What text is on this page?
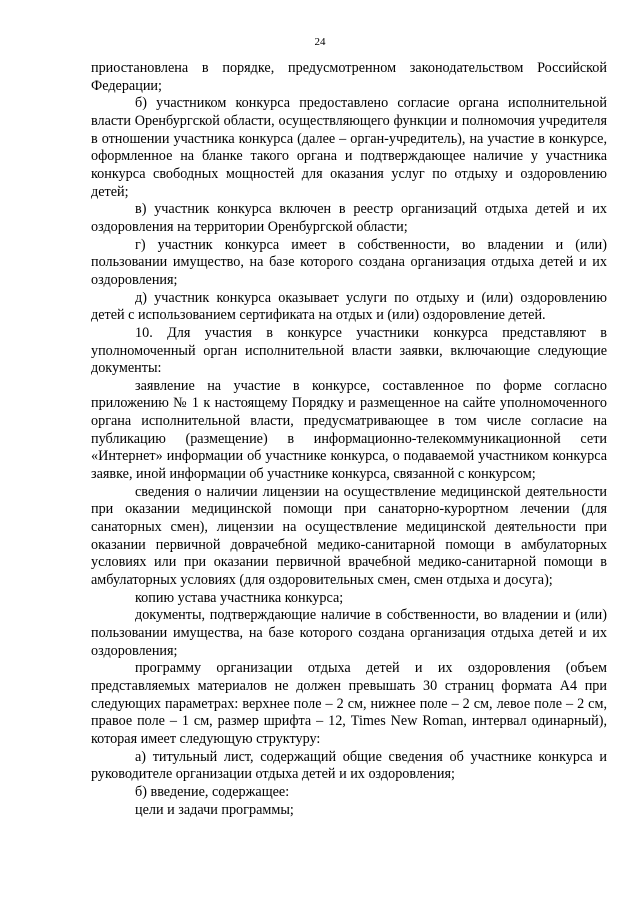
24

приостановлена в порядке, предусмотренном законодательством Российской Федерации;

б) участником конкурса предоставлено согласие органа исполнительной власти Оренбургской области, осуществляющего функции и полномочия учредителя в отношении участника конкурса (далее – орган-учредитель), на участие в конкурсе, оформленное на бланке такого органа и подтверждающее наличие у участника конкурса свободных мощностей для оказания услуг по отдыху и оздоровлению детей;

в) участник конкурса включен в реестр организаций отдыха детей и их оздоровления на территории Оренбургской области;

г) участник конкурса имеет в собственности, во владении и (или) пользовании имущество, на базе которого создана организация отдыха детей и их оздоровления;

д) участник конкурса оказывает услуги по отдыху и (или) оздоровлению детей с использованием сертификата на отдых и (или) оздоровление детей.

10. Для участия в конкурсе участники конкурса представляют в уполномоченный орган исполнительной власти заявки, включающие следующие документы:

заявление на участие в конкурсе, составленное по форме согласно приложению № 1 к настоящему Порядку и размещенное на сайте уполномоченного органа исполнительной власти, предусматривающее в том числе согласие на публикацию (размещение) в информационно-телекоммуникационной сети «Интернет» информации об участнике конкурса, о подаваемой участником конкурса заявке, иной информации об участнике конкурса, связанной с конкурсом;

сведения о наличии лицензии на осуществление медицинской деятельности при оказании медицинской помощи при санаторно-курортном лечении (для санаторных смен), лицензии на осуществление медицинской деятельности при оказании первичной доврачебной медико-санитарной помощи в амбулаторных условиях или при оказании первичной врачебной медико-санитарной помощи в амбулаторных условиях (для оздоровительных смен, смен отдыха и досуга);

копию устава участника конкурса;

документы, подтверждающие наличие в собственности, во владении и (или) пользовании имущества, на базе которого создана организация отдыха детей и их оздоровления;

программу организации отдыха детей и их оздоровления (объем представляемых материалов не должен превышать 30 страниц формата А4 при следующих параметрах: верхнее поле – 2 см, нижнее поле – 2 см, левое поле – 2 см, правое поле – 1 см, размер шрифта – 12, Times New Roman, интервал одинарный), которая имеет следующую структуру:

а) титульный лист, содержащий общие сведения об участнике конкурса и руководителе организации отдыха детей и их оздоровления;

б) введение, содержащее:

цели и задачи программы;
